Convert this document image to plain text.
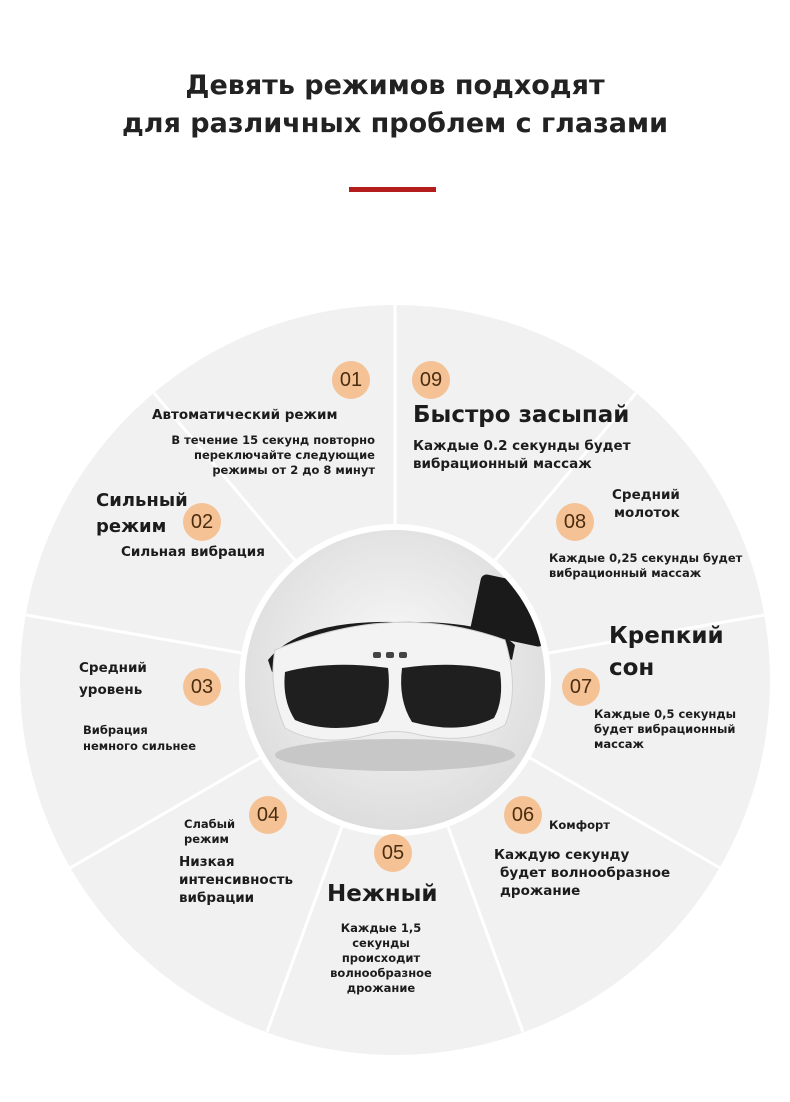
Девять режимов подходят
для различных проблем с глазами
01
Автоматический режим
В течение 15 секунд повторно
переключайте следующие
режимы от 2 до 8 минут
09
Быстро засыпай
Каждые 0.2 секунды будет
вибрационный массаж
Сильный
режим	02
Сильная вибрация
Средний
молоток
08
Каждые 0,25 секунды будет
вибрационный массаж
Средний
уровень	03
Вибрация
немного сильнее
Крепкий
сон
07
Каждые 0,5 секунды
будет вибрационный
массаж
Слабый
режим
04
Низкая
интенсивность
вибрации
05
Нежный
Каждые 1,5
секунды
происходит
волнообразное
дрожание
06	Комфорт
Каждую секунду
будет волнообразное
дрожание
